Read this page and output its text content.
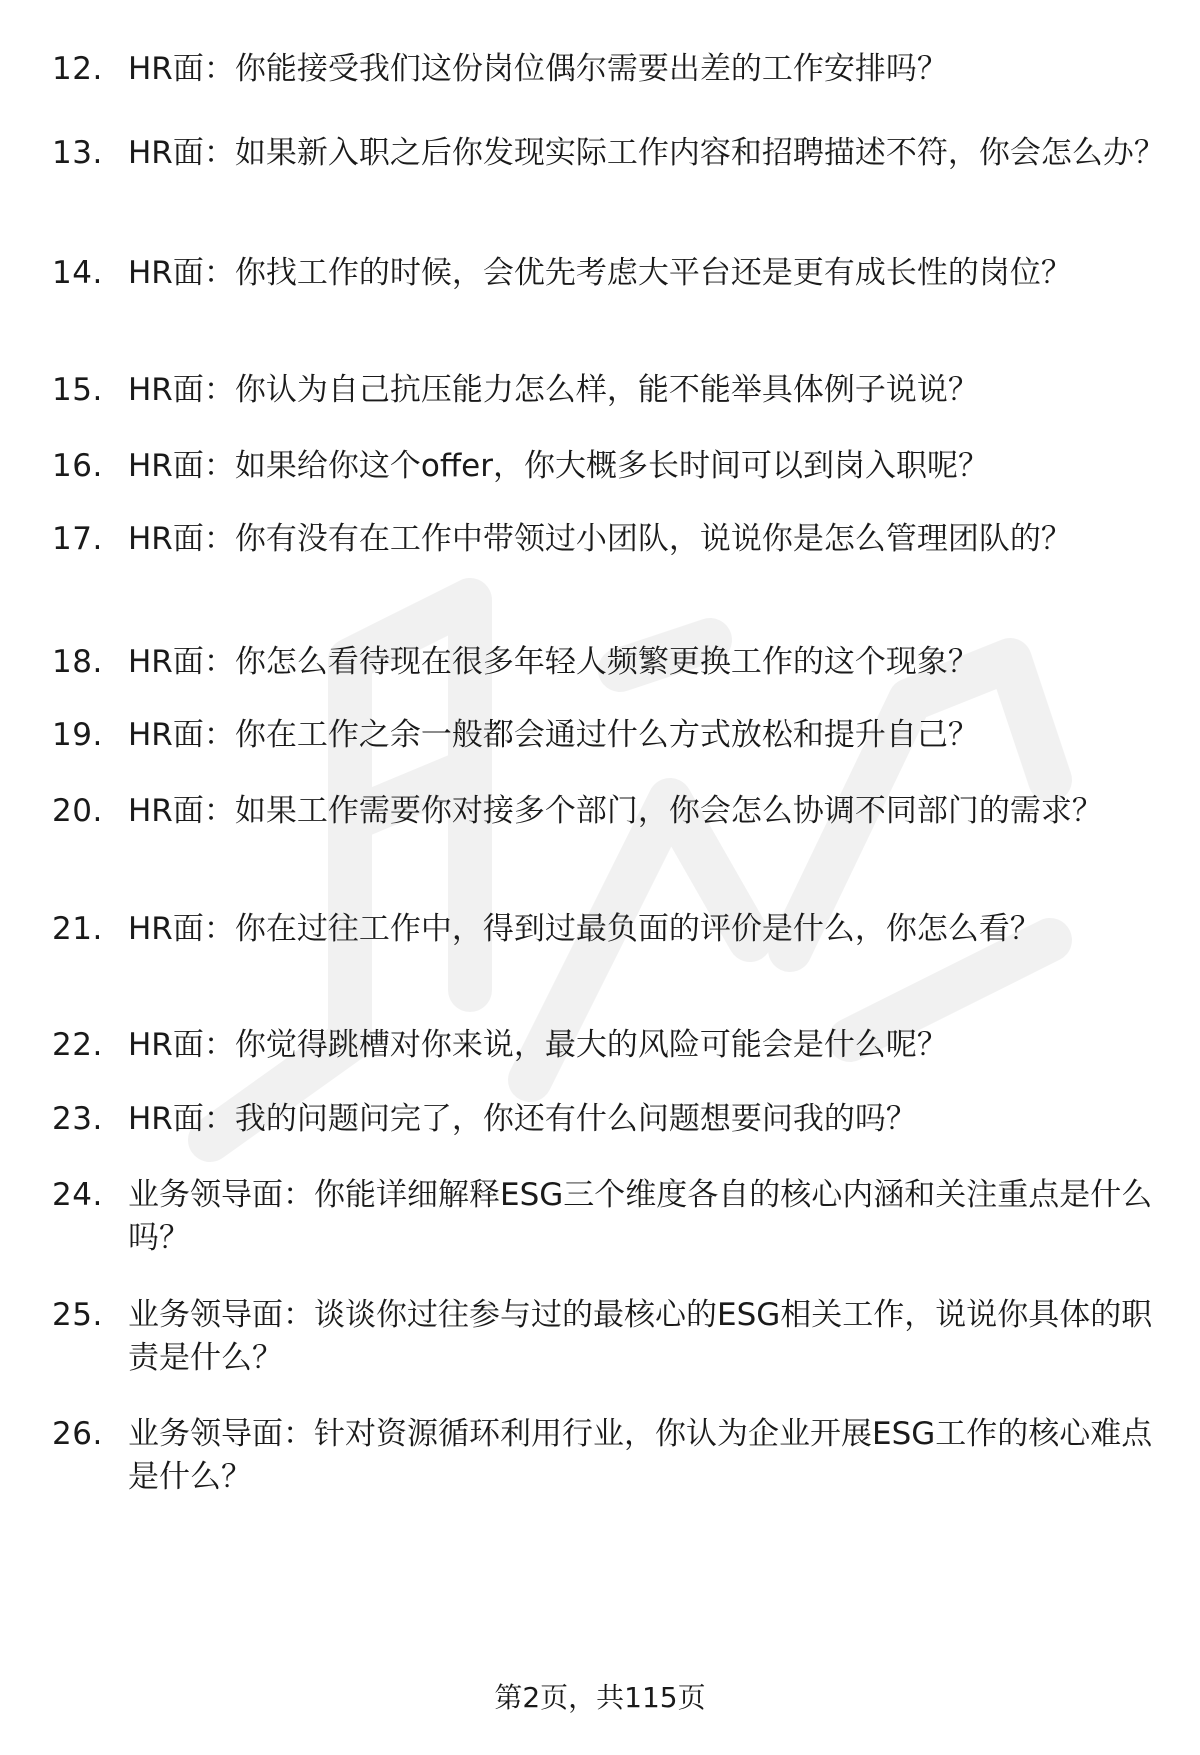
12. HR面：你能接受我们这份岗位偶尔需要出差的工作安排吗？
13. HR面：如果新入职之后你发现实际工作内容和招聘描述不符，你会怎么办？
14. HR面：你找工作的时候，会优先考虑大平台还是更有成长性的岗位？
15. HR面：你认为自己抗压能力怎么样，能不能举具体例子说说？
16. HR面：如果给你这个offer，你大概多长时间可以到岗入职呢？
17. HR面：你有没有在工作中带领过小团队，说说你是怎么管理团队的？
18. HR面：你怎么看待现在很多年轻人频繁更换工作的这个现象？
19. HR面：你在工作之余一般都会通过什么方式放松和提升自己？
20. HR面：如果工作需要你对接多个部门，你会怎么协调不同部门的需求？
21. HR面：你在过往工作中，得到过最负面的评价是什么，你怎么看？
22. HR面：你觉得跳槽对你来说，最大的风险可能会是什么呢？
23. HR面：我的问题问完了，你还有什么问题想要问我的吗？
24. 业务领导面：你能详细解释ESG三个维度各自的核心内涵和关注重点是什么吗？
25. 业务领导面：谈谈你过往参与过的最核心的ESG相关工作，说说你具体的职责是什么？
26. 业务领导面：针对资源循环利用行业，你认为企业开展ESG工作的核心难点是什么？
第2页，共115页
